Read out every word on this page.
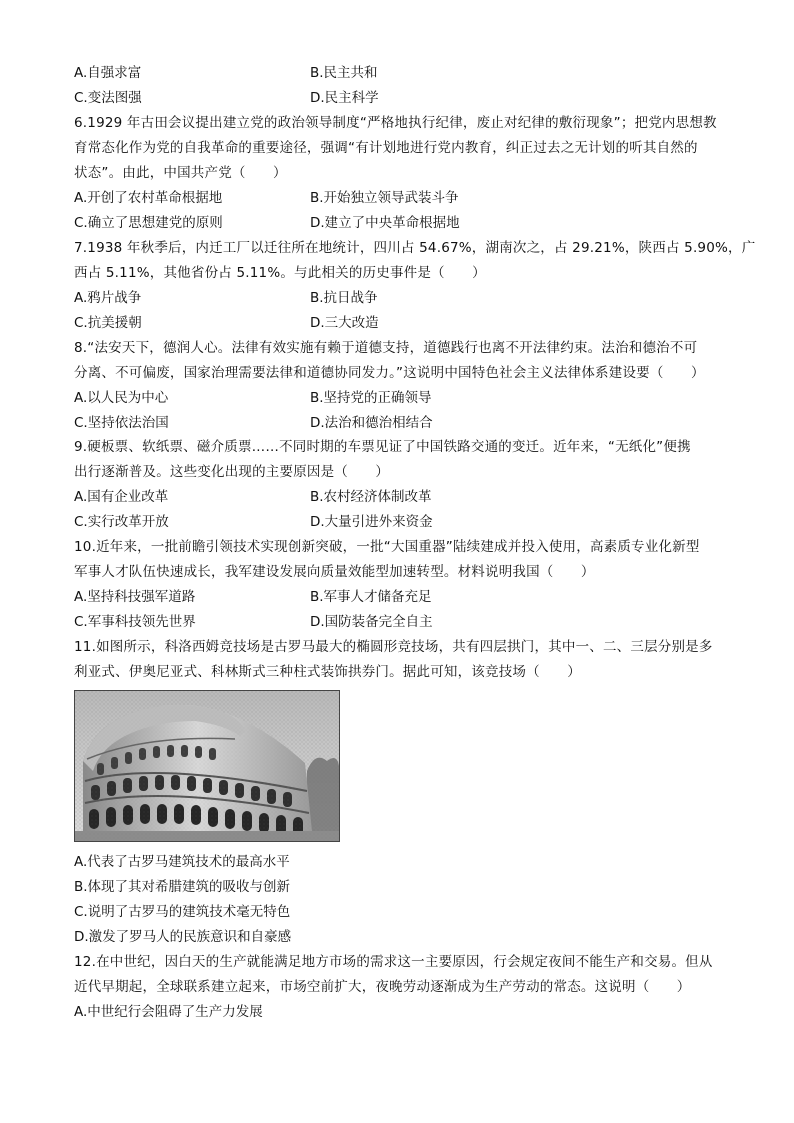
A.自强求富	B.民主共和
C.变法图强	D.民主科学
6.1929 年古田会议提出建立党的政治领导制度“严格地执行纪律，废止对纪律的敷衍现象”；把党内思想教
育常态化作为党的自我革命的重要途径，强调“有计划地进行党内教育，纠正过去之无计划的听其自然的
状态”。由此，中国共产党（　　）
A.开创了农村革命根据地	B.开始独立领导武装斗争
C.确立了思想建党的原则	D.建立了中央革命根据地
7.1938 年秋季后，内迁工厂以迁往所在地统计，四川占 54.67%，湖南次之，占 29.21%，陕西占 5.90%，广
西占 5.11%，其他省份占 5.11%。与此相关的历史事件是（　　）
A.鸦片战争	B.抗日战争
C.抗美援朝	D.三大改造
8.“法安天下，德润人心。法律有效实施有赖于道德支持，道德践行也离不开法律约束。法治和德治不可
分离、不可偏废，国家治理需要法律和道德协同发力。”这说明中国特色社会主义法律体系建设要（　　）
A.以人民为中心	B.坚持党的正确领导
C.坚持依法治国	D.法治和德治相结合
9.硬板票、软纸票、磁介质票……不同时期的车票见证了中国铁路交通的变迁。近年来，“无纸化”便携
出行逐渐普及。这些变化出现的主要原因是（　　）
A.国有企业改革	B.农村经济体制改革
C.实行改革开放	D.大量引进外来资金
10.近年来，一批前瞻引领技术实现创新突破，一批“大国重器”陆续建成并投入使用，高素质专业化新型
军事人才队伍快速成长，我军建设发展向质量效能型加速转型。材料说明我国（　　）
A.坚持科技强军道路	B.军事人才储备充足
C.军事科技领先世界	D.国防装备完全自主
11.如图所示，科洛西姆竞技场是古罗马最大的椭圆形竞技场，共有四层拱门，其中一、二、三层分别是多
利亚式、伊奥尼亚式、科林斯式三种柱式装饰拱券门。据此可知，该竞技场（　　）
A.代表了古罗马建筑技术的最高水平
B.体现了其对希腊建筑的吸收与创新
C.说明了古罗马的建筑技术毫无特色
D.激发了罗马人的民族意识和自豪感
12.在中世纪，因白天的生产就能满足地方市场的需求这一主要原因，行会规定夜间不能生产和交易。但从
近代早期起，全球联系建立起来，市场空前扩大，夜晚劳动逐渐成为生产劳动的常态。这说明（　　）
A.中世纪行会阻碍了生产力发展
